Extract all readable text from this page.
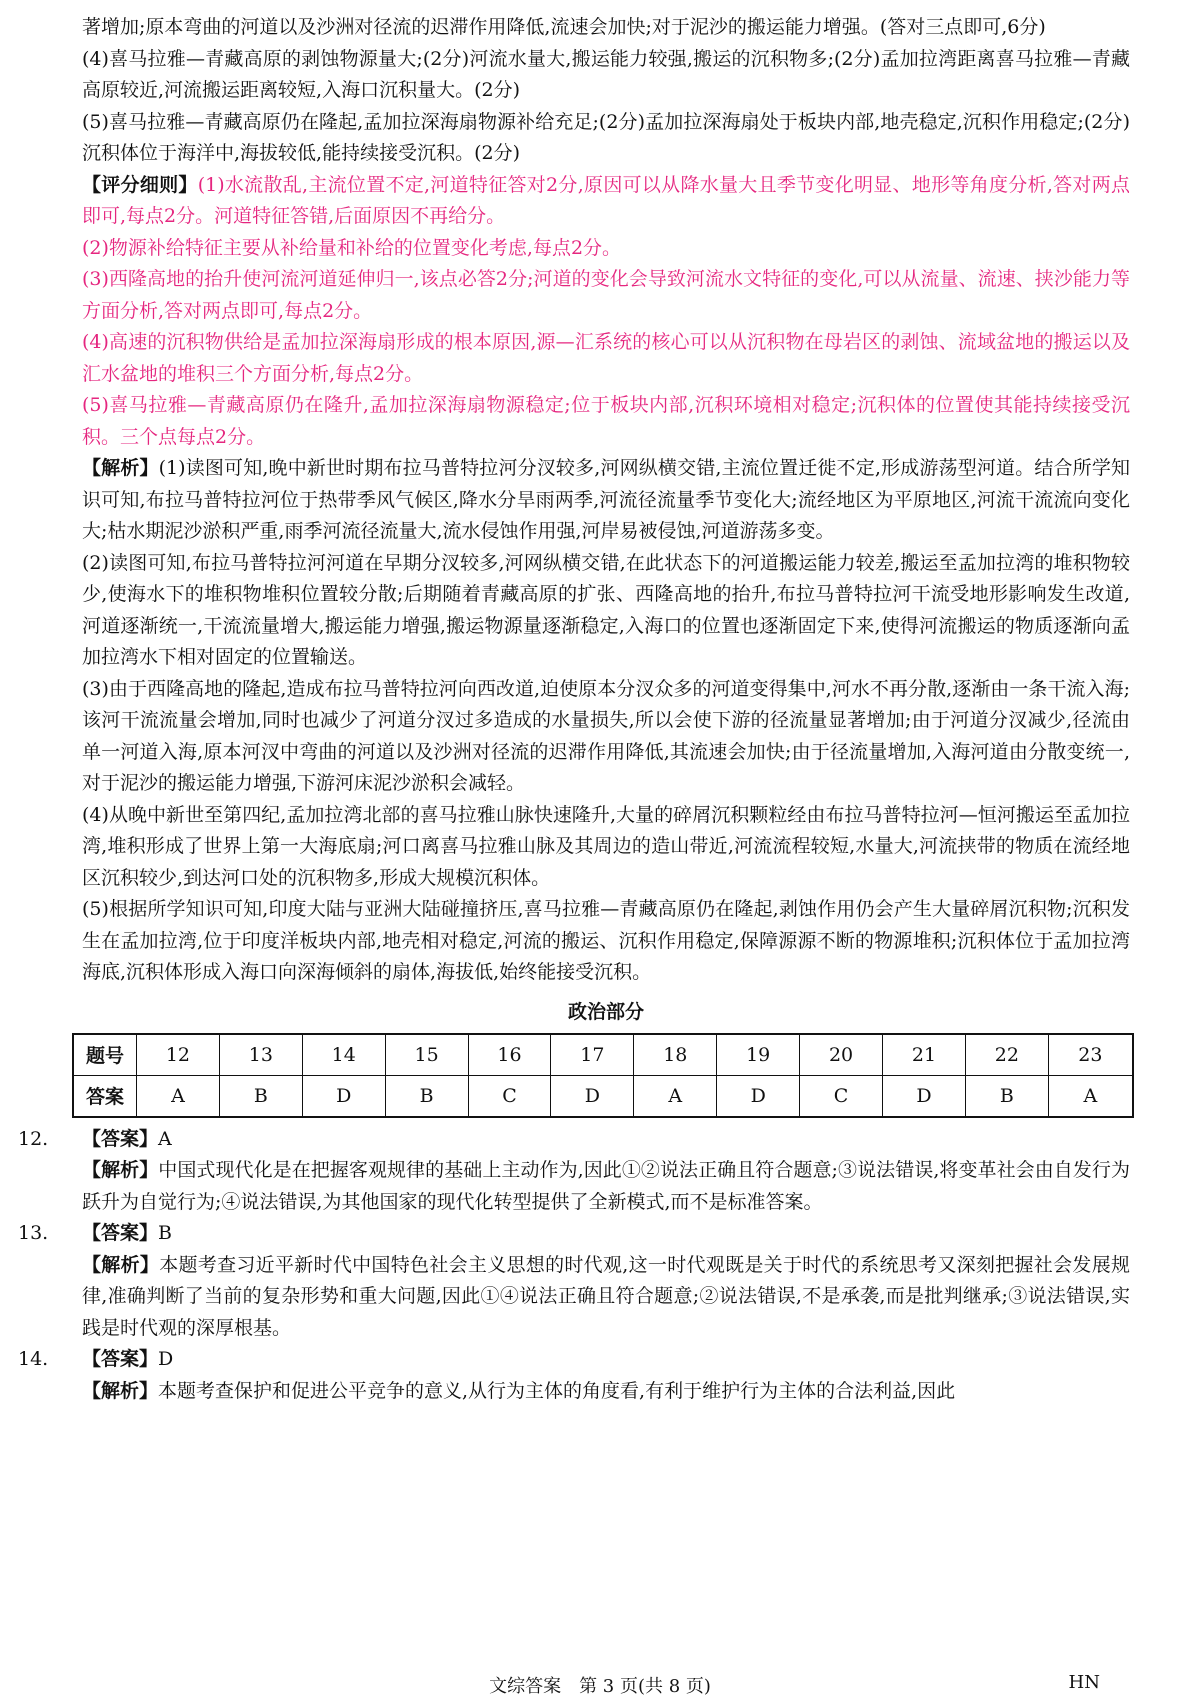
著增加;原本弯曲的河道以及沙洲对径流的迟滞作用降低,流速会加快;对于泥沙的搬运能力增强。(答对三点即可,6分)

(4)喜马拉雅—青藏高原的剥蚀物源量大;(2分)河流水量大,搬运能力较强,搬运的沉积物多;(2分)孟加拉湾距离喜马拉雅—青藏高原较近,河流搬运距离较短,入海口沉积量大。(2分)

(5)喜马拉雅—青藏高原仍在隆起,孟加拉深海扇物源补给充足;(2分)孟加拉深海扇处于板块内部,地壳稳定,沉积作用稳定;(2分)沉积体位于海洋中,海拔较低,能持续接受沉积。(2分)

【评分细则】(1)水流散乱,主流位置不定,河道特征答对2分,原因可以从降水量大且季节变化明显、地形等角度分析,答对两点即可,每点2分。河道特征答错,后面原因不再给分。

(2)物源补给特征主要从补给量和补给的位置变化考虑,每点2分。

(3)西隆高地的抬升使河流河道延伸归一,该点必答2分;河道的变化会导致河流水文特征的变化,可以从流量、流速、挟沙能力等方面分析,答对两点即可,每点2分。

(4)高速的沉积物供给是孟加拉深海扇形成的根本原因,源—汇系统的核心可以从沉积物在母岩区的剥蚀、流域盆地的搬运以及汇水盆地的堆积三个方面分析,每点2分。

(5)喜马拉雅—青藏高原仍在隆升,孟加拉深海扇物源稳定;位于板块内部,沉积环境相对稳定;沉积体的位置使其能持续接受沉积。三个点每点2分。

【解析】(1)读图可知,晚中新世时期布拉马普特拉河分汊较多,河网纵横交错,主流位置迁徙不定,形成游荡型河道。结合所学知识可知,布拉马普特拉河位于热带季风气候区,降水分旱雨两季,河流径流量季节变化大;流经地区为平原地区,河流干流流向变化大;枯水期泥沙淤积严重,雨季河流径流量大,流水侵蚀作用强,河岸易被侵蚀,河道游荡多变。

(2)读图可知,布拉马普特拉河河道在早期分汊较多,河网纵横交错,在此状态下的河道搬运能力较差,搬运至孟加拉湾的堆积物较少,使海水下的堆积物堆积位置较分散;后期随着青藏高原的扩张、西隆高地的抬升,布拉马普特拉河干流受地形影响发生改道,河道逐渐统一,干流流量增大,搬运能力增强,搬运物源量逐渐稳定,入海口的位置也逐渐固定下来,使得河流搬运的物质逐渐向孟加拉湾水下相对固定的位置输送。

(3)由于西隆高地的隆起,造成布拉马普特拉河向西改道,迫使原本分汊众多的河道变得集中,河水不再分散,逐渐由一条干流入海;该河干流流量会增加,同时也减少了河道分汊过多造成的水量损失,所以会使下游的径流量显著增加;由于河道分汊减少,径流由单一河道入海,原本河汊中弯曲的河道以及沙洲对径流的迟滞作用降低,其流速会加快;由于径流量增加,入海河道由分散变统一,对于泥沙的搬运能力增强,下游河床泥沙淤积会减轻。

(4)从晚中新世至第四纪,孟加拉湾北部的喜马拉雅山脉快速隆升,大量的碎屑沉积颗粒经由布拉马普特拉河—恒河搬运至孟加拉湾,堆积形成了世界上第一大海底扇;河口离喜马拉雅山脉及其周边的造山带近,河流流程较短,水量大,河流挟带的物质在流经地区沉积较少,到达河口处的沉积物多,形成大规模沉积体。

(5)根据所学知识可知,印度大陆与亚洲大陆碰撞挤压,喜马拉雅—青藏高原仍在隆起,剥蚀作用仍会产生大量碎屑沉积物;沉积发生在孟加拉湾,位于印度洋板块内部,地壳相对稳定,河流的搬运、沉积作用稳定,保障源源不断的物源堆积;沉积体位于孟加拉湾海底,沉积体形成入海口向深海倾斜的扇体,海拔低,始终能接受沉积。

政治部分
题号	12	13	14	15	16	17	18	19	20	21	22	23
答案	A	B	D	B	C	D	A	D	C	D	B	A

12. 【答案】A

【解析】中国式现代化是在把握客观规律的基础上主动作为,因此①②说法正确且符合题意;③说法错误,将变革社会由自发行为跃升为自觉行为;④说法错误,为其他国家的现代化转型提供了全新模式,而不是标准答案。

13. 【答案】B

【解析】本题考查习近平新时代中国特色社会主义思想的时代观,这一时代观既是关于时代的系统思考又深刻把握社会发展规律,准确判断了当前的复杂形势和重大问题,因此①④说法正确且符合题意;②说法错误,不是承袭,而是批判继承;③说法错误,实践是时代观的深厚根基。

14. 【答案】D

【解析】本题考查保护和促进公平竞争的意义,从行为主体的角度看,有利于维护行为主体的合法利益,因此

文综答案　第 3 页(共 8 页)	HN
